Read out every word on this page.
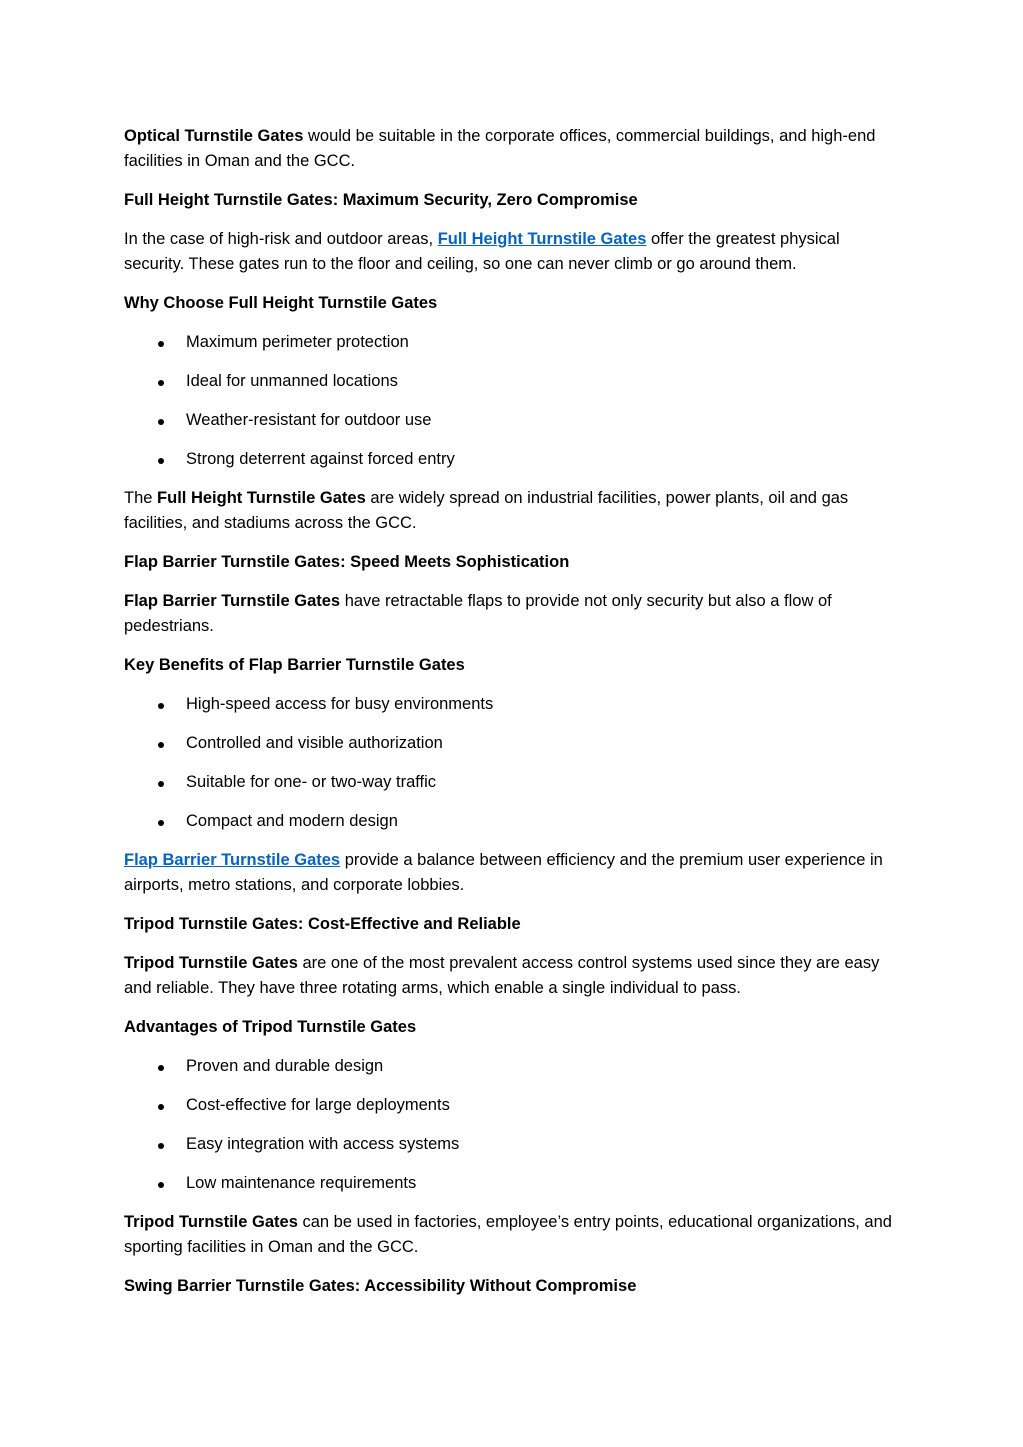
Optical Turnstile Gates would be suitable in the corporate offices, commercial buildings, and high-end facilities in Oman and the GCC.

Full Height Turnstile Gates: Maximum Security, Zero Compromise

In the case of high-risk and outdoor areas, Full Height Turnstile Gates offer the greatest physical security. These gates run to the floor and ceiling, so one can never climb or go around them.

Why Choose Full Height Turnstile Gates

Maximum perimeter protection
Ideal for unmanned locations
Weather-resistant for outdoor use
Strong deterrent against forced entry

The Full Height Turnstile Gates are widely spread on industrial facilities, power plants, oil and gas facilities, and stadiums across the GCC.

Flap Barrier Turnstile Gates: Speed Meets Sophistication

Flap Barrier Turnstile Gates have retractable flaps to provide not only security but also a flow of pedestrians.

Key Benefits of Flap Barrier Turnstile Gates

High-speed access for busy environments
Controlled and visible authorization
Suitable for one- or two-way traffic
Compact and modern design

Flap Barrier Turnstile Gates provide a balance between efficiency and the premium user experience in airports, metro stations, and corporate lobbies.

Tripod Turnstile Gates: Cost-Effective and Reliable

Tripod Turnstile Gates are one of the most prevalent access control systems used since they are easy and reliable. They have three rotating arms, which enable a single individual to pass.

Advantages of Tripod Turnstile Gates

Proven and durable design
Cost-effective for large deployments
Easy integration with access systems
Low maintenance requirements

Tripod Turnstile Gates can be used in factories, employee’s entry points, educational organizations, and sporting facilities in Oman and the GCC.

Swing Barrier Turnstile Gates: Accessibility Without Compromise
